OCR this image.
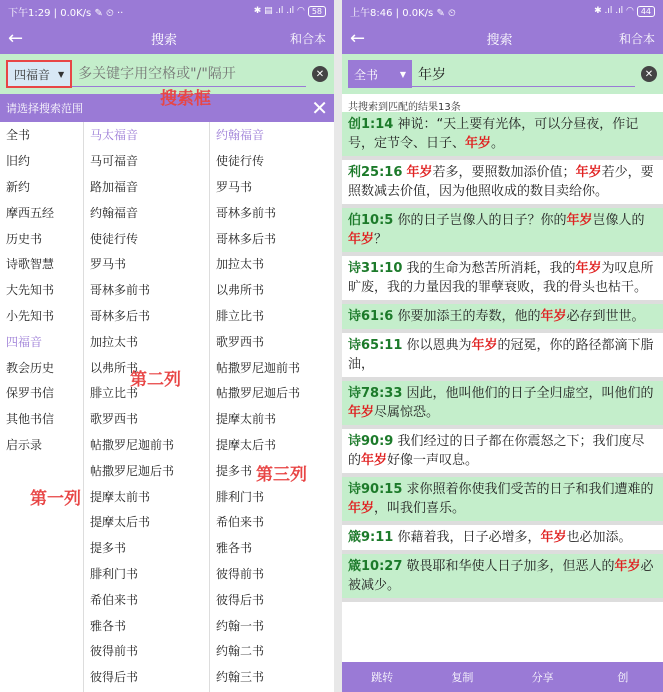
下午1:29 | 0.0K/s ✎ ⏲ ··	✱ ▤ .ıl .ıl ◠ 58
←	搜索	和合本
四福音 ▼
多关键字用空格或"/"隔开	✕
请选择搜索范围	✕
全书
旧约
新约
摩西五经
历史书
诗歌智慧
大先知书
小先知书
四福音
教会历史
保罗书信
其他书信
启示录
马太福音
马可福音
路加福音
约翰福音
使徒行传
罗马书
哥林多前书
哥林多后书
加拉太书
以弗所书
腓立比书
歌罗西书
帖撒罗尼迦前书
帖撒罗尼迦后书
提摩太前书
提摩太后书
提多书
腓利门书
希伯来书
雅各书
彼得前书
彼得后书
约翰福音
使徒行传
罗马书
哥林多前书
哥林多后书
加拉太书
以弗所书
腓立比书
歌罗西书
帖撒罗尼迦前书
帖撒罗尼迦后书
提摩太前书
提摩太后书
提多书
腓利门书
希伯来书
雅各书
彼得前书
彼得后书
约翰一书
约翰二书
约翰三书
搜索框
第一列
第二列
第三列
上午8:46 | 0.0K/s ✎ ⏲	✱ .ıl .ıl ◠ 44
←	搜索	和合本
全书	▼
年岁	✕
共搜索到匹配的结果13条
创1:14 神说：“天上要有光体，可以分昼夜，作记号，定节令、日子、年岁。
利25:16 年岁若多，要照数加添价值；年岁若少，要照数减去价值，因为他照收成的数目卖给你。
伯10:5 你的日子岂像人的日子？你的年岁岂像人的年岁？
诗31:10 我的生命为愁苦所消耗，我的年岁为叹息所旷废，我的力量因我的罪孽衰败，我的骨头也枯干。
诗61:6 你要加添王的寿数，他的年岁必存到世世。
诗65:11 你以恩典为年岁的冠冕，你的路径都滴下脂油，
诗78:33 因此，他叫他们的日子全归虚空，叫他们的年岁尽属惊恐。
诗90:9 我们经过的日子都在你震怒之下；我们度尽的年岁好像一声叹息。
诗90:15 求你照着你使我们受苦的日子和我们遭难的年岁，叫我们喜乐。
箴9:11 你藉着我，日子必增多，年岁也必加添。
箴10:27 敬畏耶和华使人日子加多，但恶人的年岁必被减少。
跳转	复制	分享	创
